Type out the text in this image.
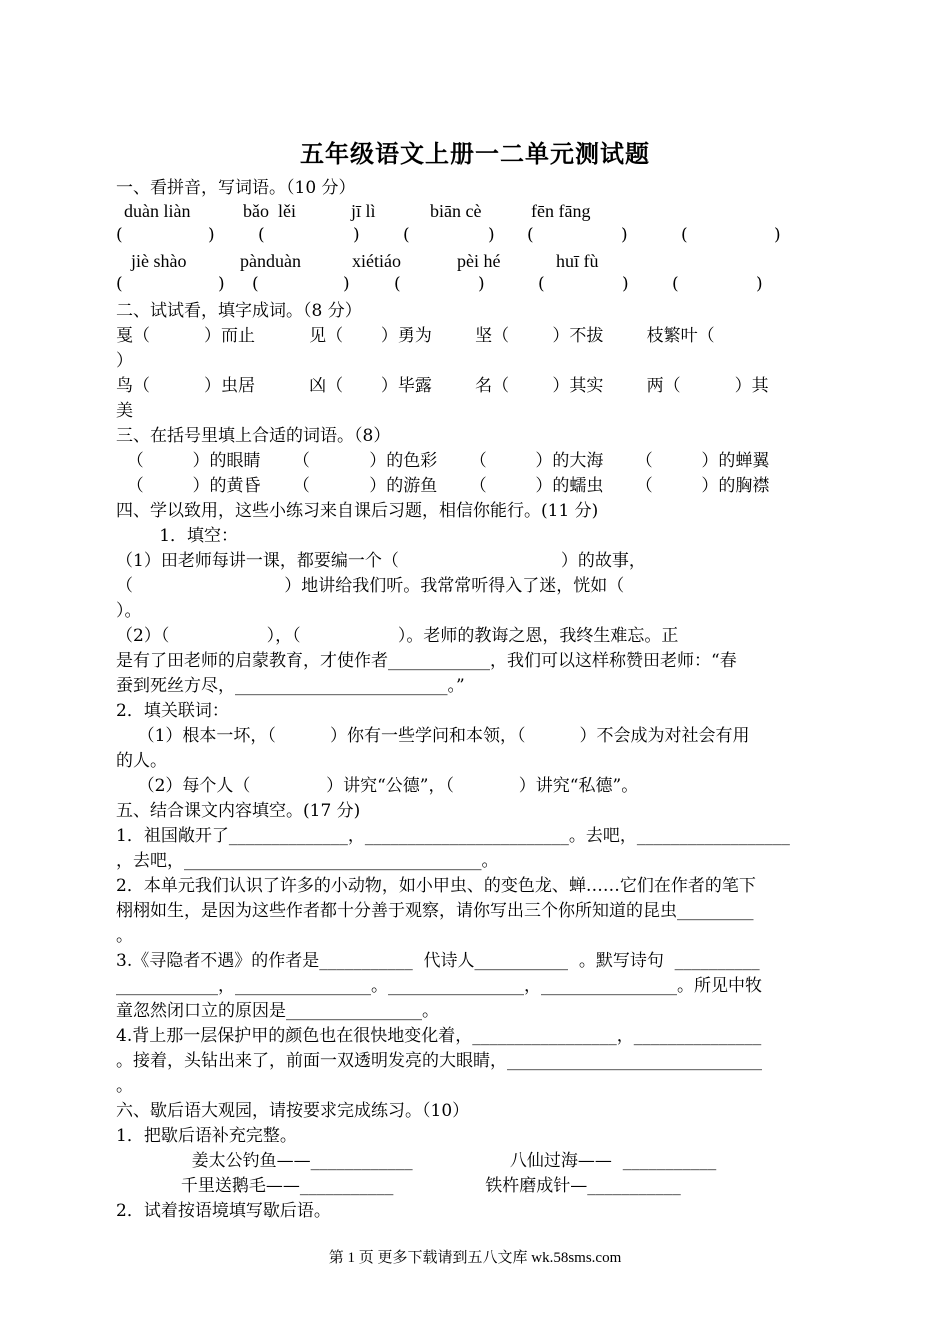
五年级语文上册一二单元测试题
一、看拼音，写词语。（10 分）
duàn liàn	bǎo  lěi	jī lì	biān cè	fēn fāng
(	)	(	)	(	) (	)	(	)
jiè shào	pànduàn	xiétiáo	pèi hé	huī fù
(	) (	)	(	)	(	)	(	)
二、试试看，填字成词。（8 分）
戛（          ）而止          见（       ）勇为        坚（        ）不拔        枝繁叶（
）
鸟（          ）虫居          凶（       ）毕露        名（        ）其实        两（          ）其
美
三、在括号里填上合适的词语。（8）
（         ）的眼睛      （           ）的色彩      （         ）的大海      （         ）的蝉翼
（         ）的黄昏      （           ）的游鱼      （         ）的蠕虫      （         ）的胸襟
四、学以致用，这些小练习来自课后习题，相信你能行。(11 分)
1．填空：
（1）田老师每讲一课，都要编一个（                              ）的故事，
（                            ）地讲给我们听。我常常听得入了迷，恍如（
）。
（2）（                  ），（                  ）。老师的教诲之恩，我终生难忘。正
是有了田老师的启蒙教育，才使作者____________，我们可以这样称赞田老师：“春
蚕到死丝方尽，_________________________。”
2．填关联词：
（1）根本一坏，（          ）你有一些学问和本领，（          ）不会成为对社会有用
的人。
（2）每个人（              ）讲究“公德”，（            ）讲究“私德”。
五、结合课文内容填空。(17 分)
1．祖国敞开了______________，________________________。去吧，__________________
，去吧，___________________________________。
2．本单元我们认识了许多的小动物，如小甲虫、的变色龙、蝉……它们在作者的笔下
栩栩如生，是因为这些作者都十分善于观察，请你写出三个你所知道的昆虫_________
。
3.《寻隐者不遇》的作者是___________  代诗人___________  。默写诗句  __________
____________，________________。________________，________________。所见中牧
童忽然闭口立的原因是________________。
4.背上那一层保护甲的颜色也在很快地变化着，_________________，_______________
。接着，头钻出来了，前面一双透明发亮的大眼睛，______________________________
。
六、歇后语大观园，请按要求完成练习。（10）
1．把歇后语补充完整。
姜太公钓鱼——____________                  八仙过海——  ___________
千里送鹅毛——___________                 铁杵磨成针—___________
2．试着按语境填写歇后语。
第 1 页 更多下载请到五八文库 wk.58sms.com
